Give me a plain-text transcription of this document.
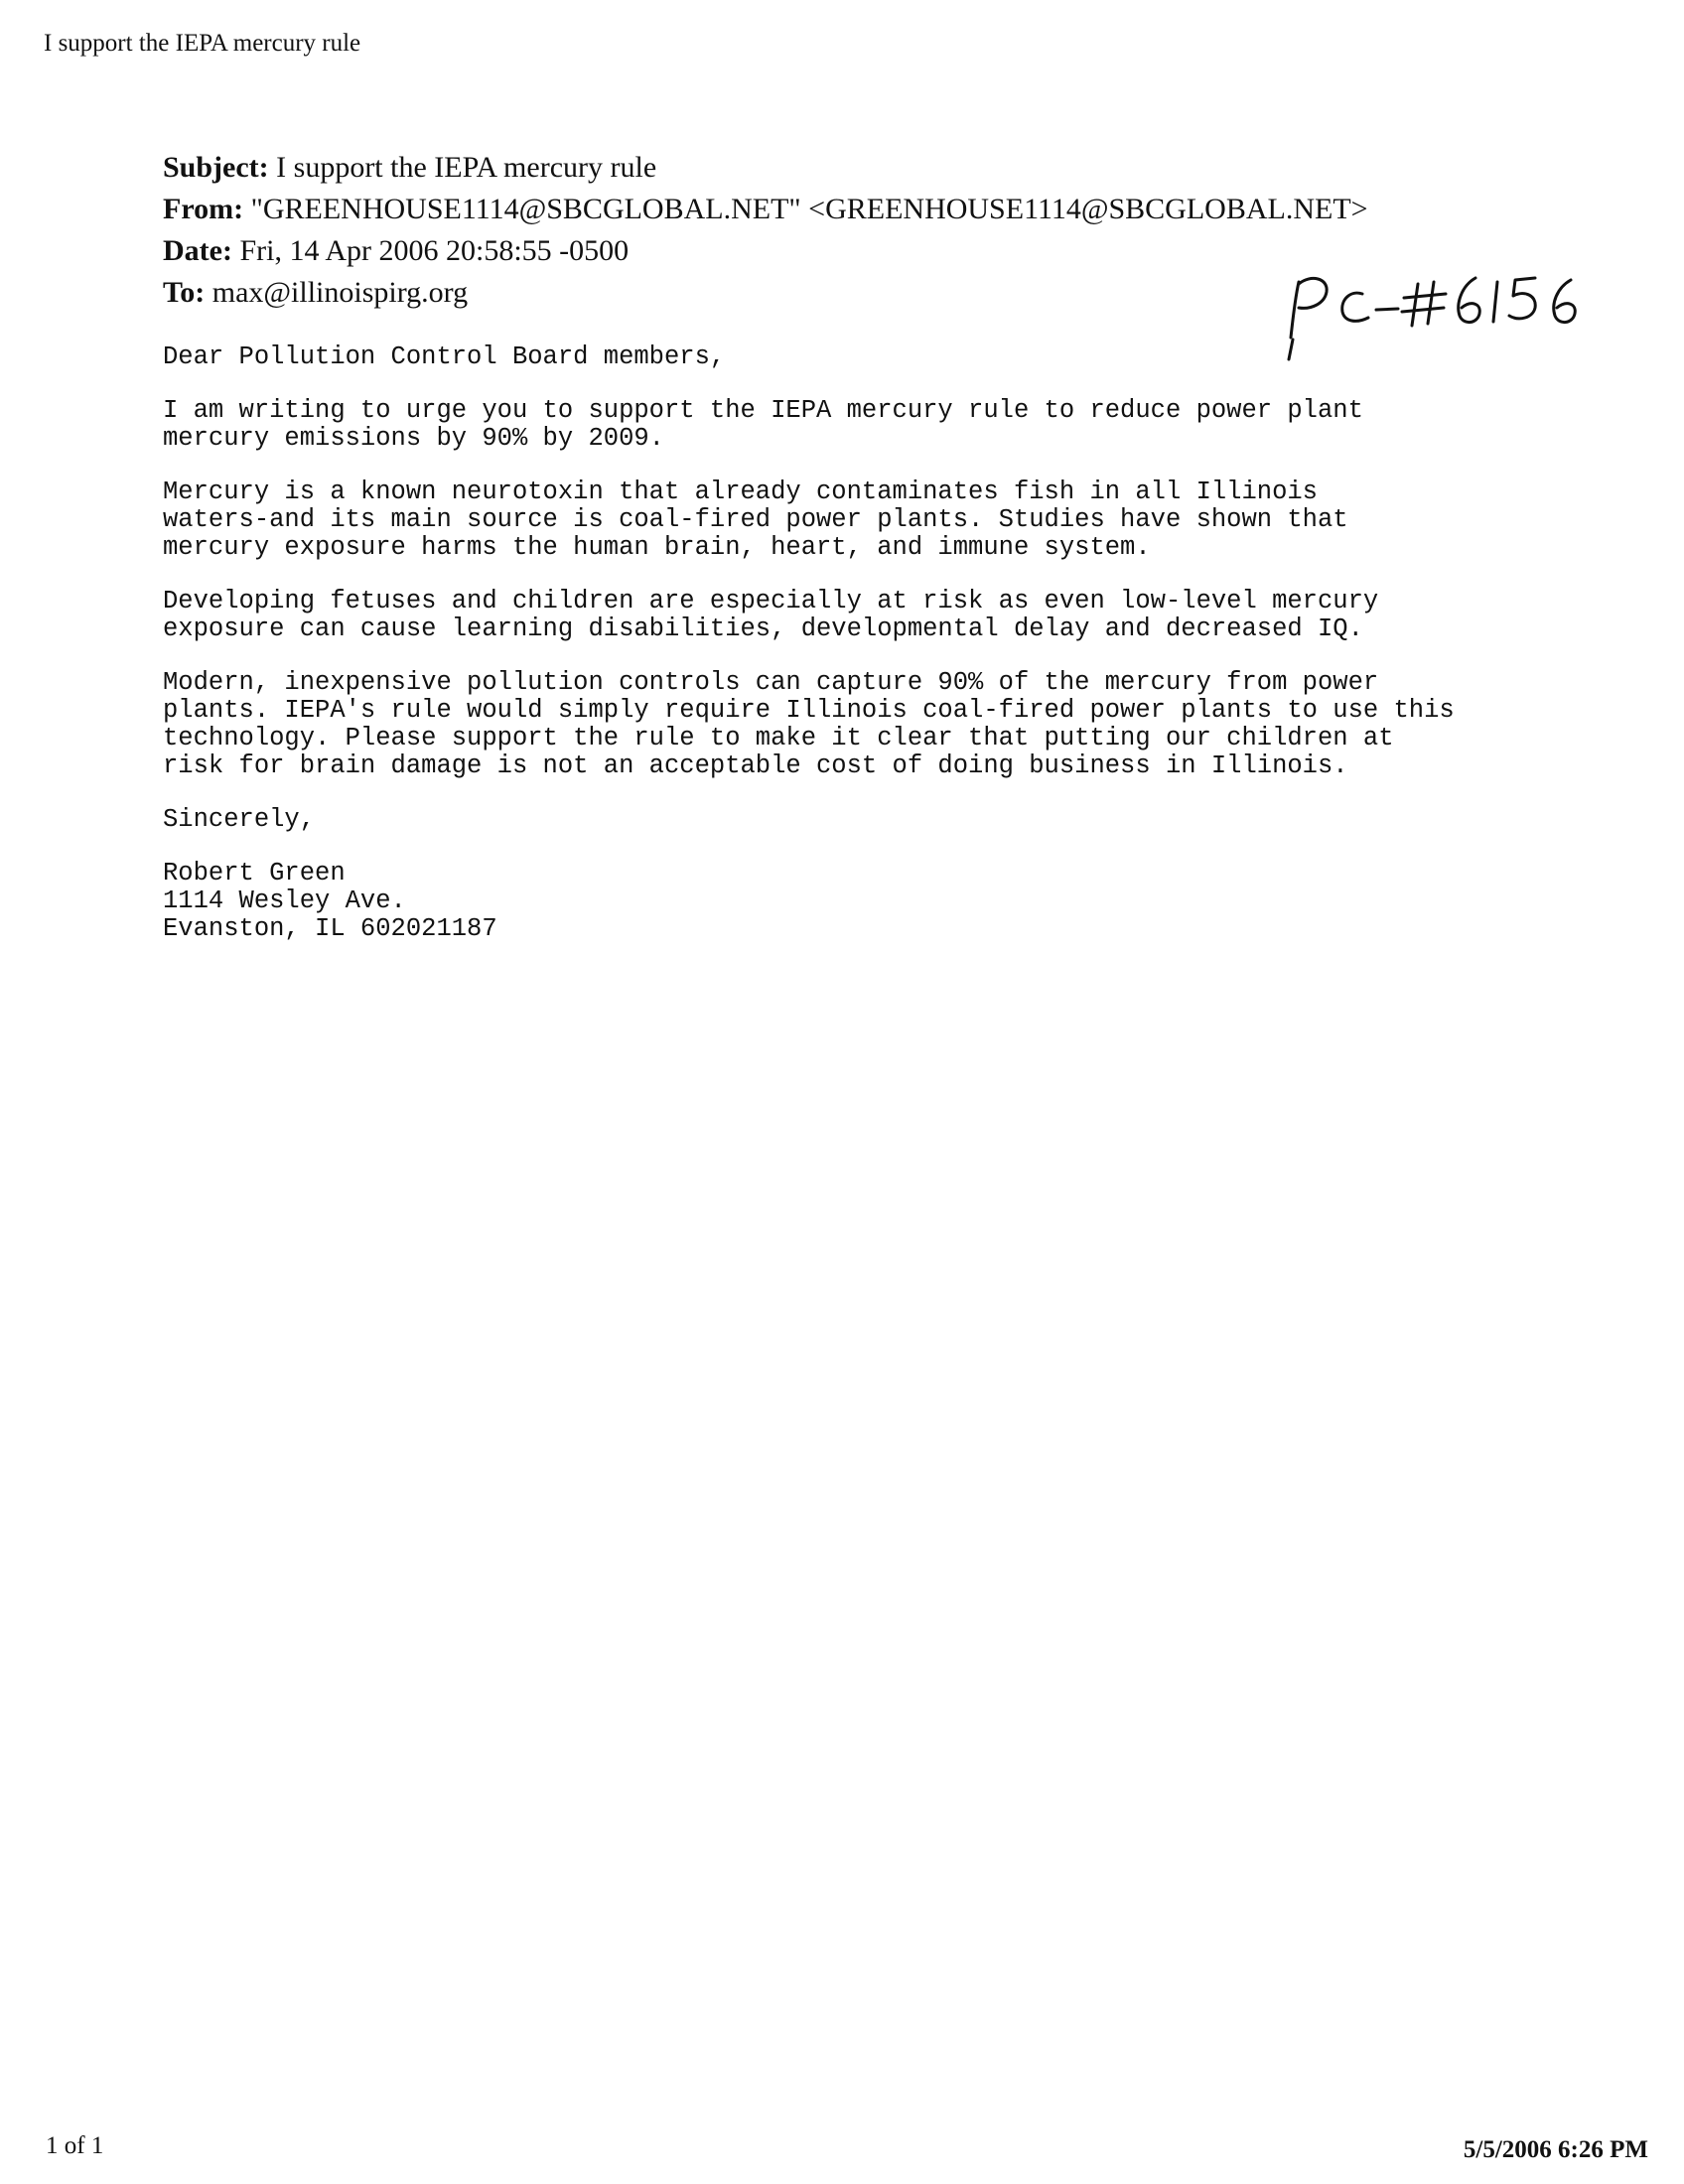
I support the IEPA mercury rule
Subject: I support the IEPA mercury rule
From: "GREENHOUSE1114@SBCGLOBAL.NET" <GREENHOUSE1114@SBCGLOBAL.NET>
Date: Fri, 14 Apr 2006 20:58:55 -0500
To: max@illinoispirg.org
PC #6156
Dear Pollution Control Board members,
I am writing to urge you to support the IEPA mercury rule to reduce power plant
mercury emissions by 90% by 2009.
Mercury is a known neurotoxin that already contaminates fish in all Illinois
waters-and its main source is coal-fired power plants. Studies have shown that
mercury exposure harms the human brain, heart, and immune system.
Developing fetuses and children are especially at risk as even low-level mercury
exposure can cause learning disabilities, developmental delay and decreased IQ.
Modern, inexpensive pollution controls can capture 90% of the mercury from power
plants. IEPA's rule would simply require Illinois coal-fired power plants to use this
technology. Please support the rule to make it clear that putting our children at
risk for brain damage is not an acceptable cost of doing business in Illinois.
Sincerely,
Robert Green
1114 Wesley Ave.
Evanston, IL 602021187
1 of 1	5/5/2006 6:26 PM
